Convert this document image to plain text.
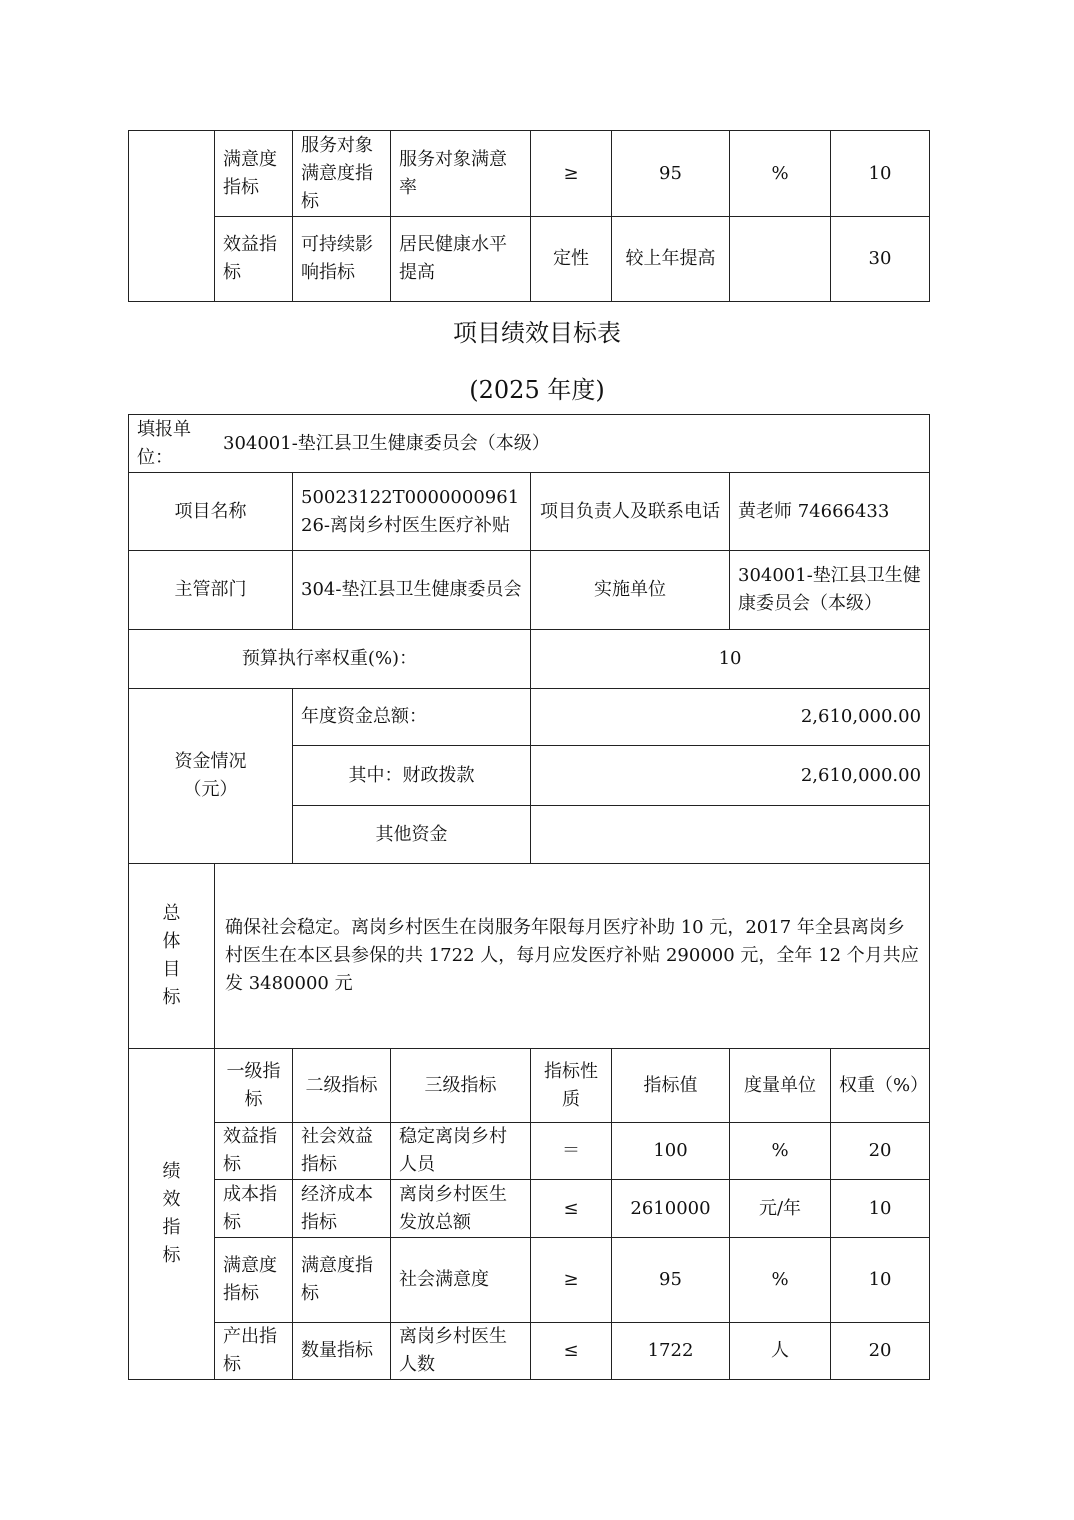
	满意度指标	服务对象满意度指标	服务对象满意率	≥	95	%	10
	效益指标	可持续影响指标	居民健康水平提高	定性	较上年提高		30
项目绩效目标表
(2025 年度)
填报单位：
304001-垫江县卫生健康委员会（本级）							

项目名称		50023122T000000096126-离岗乡村医生医疗补贴		项目负责人及联系电话		黄老师 74666433	
主管部门		304-垫江县卫生健康委员会		实施单位		304001-垫江县卫生健康委员会（本级）	
预算执行率权重(%)：				10			
资金情况（元）		年度资金总额：		2,610,000.00			
		其中：财政拨款		2,610,000.00			
		其他资金					

总
体
目
标	确保社会稳定。离岗乡村医生在岗服务年限每月医疗补助 10 元，2017 年全县离岗乡村医生在本区县参保的共 1722 人，每月应发医疗补贴 290000 元，全年 12 个月共应发 3480000 元						

绩
效
指
标	一级指标	二级指标	三级指标	指标性质	指标值	度量单位	权重（%）
	效益指标	社会效益指标	稳定离岗乡村人员	＝	100	%	20
	成本指标	经济成本指标	离岗乡村医生发放总额	≤	2610000	元/年	10
	满意度指标	满意度指标	社会满意度	≥	95	%	10
	产出指标	数量指标	离岗乡村医生人数	≤	1722	人	20
